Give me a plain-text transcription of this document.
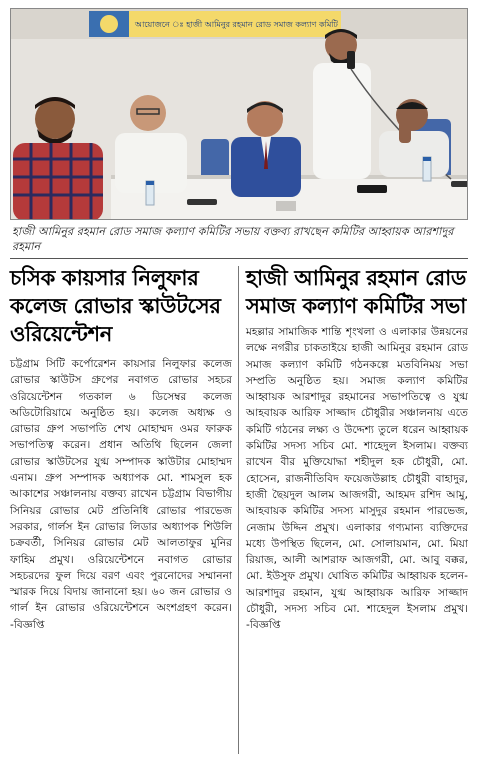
আয়োজনে ঃ হাজী আমিনুর রহমান রোড সমাজ কল্যাণ কমিটি
হাজী আমিনুর রহমান রোড সমাজ কল্যাণ কমিটির সভায় বক্তব্য রাখছেন কমিটির আহ্বায়ক আরশাদুর রহমান
চসিক কায়সার নিলুফার কলেজ রোভার স্কাউটসের ওরিয়েন্টেশন
চট্টগ্রাম সিটি কর্পোরেশন কায়সার নিলুফার কলেজ রোভার স্কাউটস গ্রুপের নবাগত রোভার সহচর ওরিয়েন্টেশন গতকাল ৬ ডিসেম্বর কলেজ অডিটোরিয়ামে অনুষ্ঠিত হয়। কলেজ অধ্যক্ষ ও রোভার গ্রুপ সভাপতি শেখ মোহাম্মদ ওমর ফারুক সভাপতিত্ব করেন। প্রধান অতিথি ছিলেন জেলা রোভার স্কাউটসের যুগ্ম সম্পাদক স্কাউটার মোহাম্মদ এনাম। গ্রুপ সম্পাদক অধ্যাপক মো. শামসুল হক আকাশের সঞ্চালনায় বক্তব্য রাখেন চট্টগ্রাম বিভাগীয় সিনিয়র রোভার মেট প্রতিনিধি রোভার পারভেজ সরকার, গার্লস ইন রোভার লিডার অধ্যাপক শিউলি চক্রবর্তী, সিনিয়র রোভার মেট আলতাফুর মুনির ফাহিম প্রমুখ। ওরিয়েন্টেশনে নবাগত রোভার সহচরদের ফুল দিয়ে বরণ এবং পুরনোদের সম্মাননা স্মারক দিয়ে বিদায় জানানো হয়। ৬০ জন রোভার ও গার্ল ইন রোভার ওরিয়েন্টেশনে অংশগ্রহণ করেন। -বিজ্ঞপ্তি
হাজী আমিনুর রহমান রোড সমাজ কল্যাণ কমিটির সভা
মহল্লার সামাজিক শান্তি শৃংখলা ও এলাকার উন্নয়নের লক্ষে নগরীর চাকতাইয়ে হাজী আমিনুর রহমান রোড সমাজ কল্যাণ কমিটি গঠনকল্পে মতবিনিময় সভা সম্প্রতি অনুষ্ঠিত হয়। সমাজ কল্যাণ কমিটির আহ্বায়ক আরশাদুর রহমানের সভাপতিত্বে ও যুগ্ম আহবায়ক আরিফ সাজ্জাদ চৌধুরীর সঞ্চালনায় এতে কমিটি গঠনের লক্ষ্য ও উদ্দেশ্য তুলে ধরেন আহ্বায়ক কমিটির সদস্য সচিব মো. শাহেদুল ইসলাম। বক্তব্য রাখেন বীর মুক্তিযোদ্ধা শহীদুল হক চৌধুরী, মো. হোসেন, রাজনীতিবিদ ফয়েজউল্লাহ চৌধুরী বাহাদুর, হাজী ছৈয়দুল আলম আজগরী, আহমদ রশিদ আমু, আহবায়ক কমিটির সদস্য মাসুদুর রহমান পারভেজ, নেজাম উদ্দিন প্রমুখ। এলাকার গণ্যমান্য ব্যক্তিদের মধ্যে উপস্থিত ছিলেন, মো. সোলায়মান, মো. মিয়া রিয়াজ, আলী আশরাফ আজগরী, মো. আবু বক্কর, মো. ইউসুফ প্রমুখ। ঘোষিত কমিটির আহ্বায়ক হলেন- আরশাদুর রহমান, যুগ্ম আহ্বায়ক আরিফ সাজ্জাদ চৌধুরী, সদস্য সচিব মো. শাহেদুল ইসলাম প্রমুখ। -বিজ্ঞপ্তি
